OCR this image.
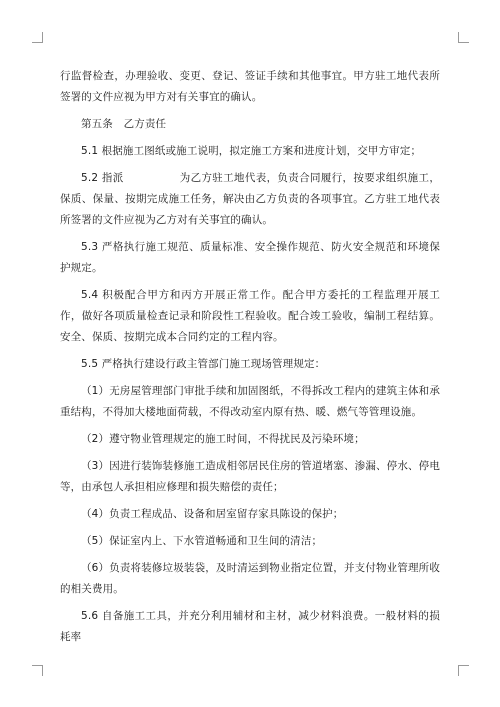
行监督检查，办理验收、变更、登记、签证手续和其他事宜。甲方驻工地代表所签署的文件应视为甲方对有关事宜的确认。

第五条　乙方责任

5.1 根据施工图纸或施工说明，拟定施工方案和进度计划，交甲方审定；

5.2 指派	为乙方驻工地代表，负责合同履行，按要求组织施工，保质、保量、按期完成施工任务，解决由乙方负责的各项事宜。乙方驻工地代表所签署的文件应视为乙方对有关事宜的确认。

5.3 严格执行施工规范、质量标准、安全操作规范、防火安全规范和环境保护规定。

5.4 积极配合甲方和丙方开展正常工作。配合甲方委托的工程监理开展工作，做好各项质量检查记录和阶段性工程验收。配合竣工验收，编制工程结算。安全、保质、按期完成本合同约定的工程内容。

5.5 严格执行建设行政主管部门施工现场管理规定：

（1）无房屋管理部门审批手续和加固图纸，不得拆改工程内的建筑主体和承重结构，不得加大楼地面荷载，不得改动室内原有热、暖、燃气等管理设施。

（2）遵守物业管理规定的施工时间，不得扰民及污染环境；

（3）因进行装饰装修施工造成相邻居民住房的管道堵塞、渗漏、停水、停电等，由承包人承担相应修理和损失赔偿的责任；

（4）负责工程成品、设备和居室留存家具陈设的保护；

（5）保证室内上、下水管道畅通和卫生间的清洁；

（6）负责将装修垃圾装袋，及时清运到物业指定位置，并支付物业管理所收的相关费用。

5.6 自备施工工具，并充分利用辅材和主材，减少材料浪费。一般材料的损耗率
